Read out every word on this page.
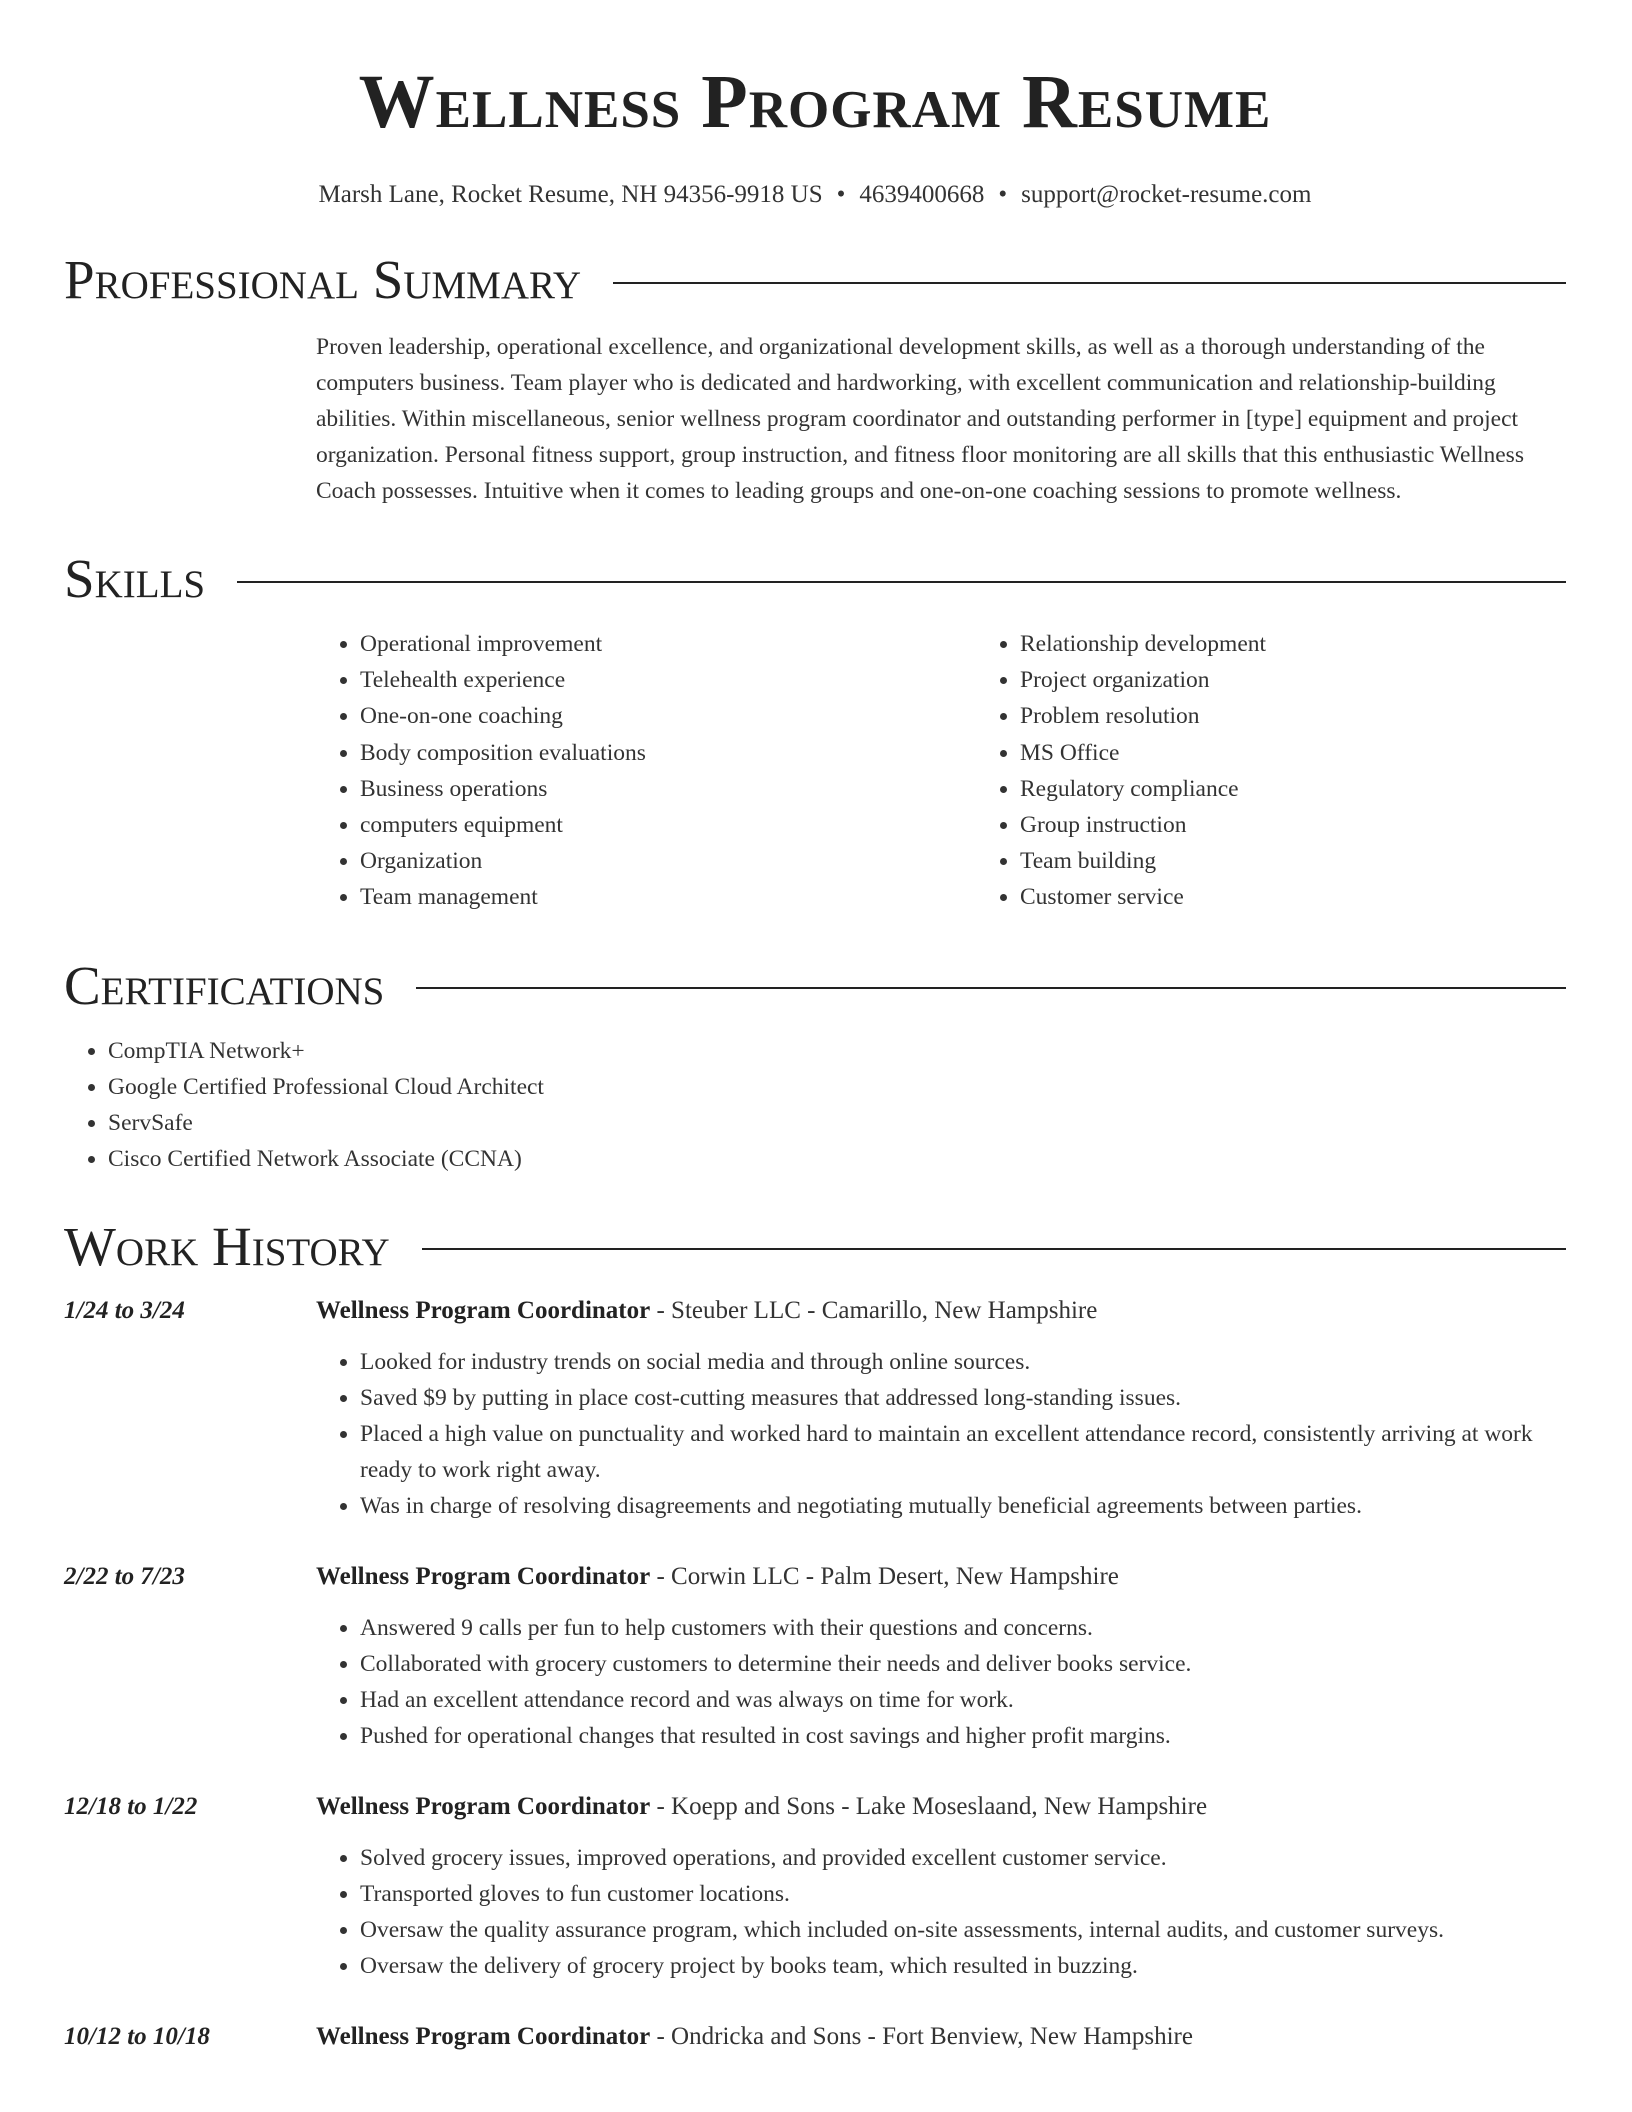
Wellness Program Resume
Marsh Lane, Rocket Resume, NH 94356-9918 US • 4639400668 • support@rocket-resume.com
Professional Summary
Proven leadership, operational excellence, and organizational development skills, as well as a thorough understanding of the computers business. Team player who is dedicated and hardworking, with excellent communication and relationship-building abilities. Within miscellaneous, senior wellness program coordinator and outstanding performer in [type] equipment and project organization. Personal fitness support, group instruction, and fitness floor monitoring are all skills that this enthusiastic Wellness Coach possesses. Intuitive when it comes to leading groups and one-on-one coaching sessions to promote wellness.
Skills
• Operational improvement
• Telehealth experience
• One-on-one coaching
• Body composition evaluations
• Business operations
• computers equipment
• Organization
• Team management
• Relationship development
• Project organization
• Problem resolution
• MS Office
• Regulatory compliance
• Group instruction
• Team building
• Customer service
Certifications
• CompTIA Network+
• Google Certified Professional Cloud Architect
• ServSafe
• Cisco Certified Network Associate (CCNA)
Work History
1/24 to 3/24	Wellness Program Coordinator - Steuber LLC - Camarillo, New Hampshire
• Looked for industry trends on social media and through online sources.
• Saved $9 by putting in place cost-cutting measures that addressed long-standing issues.
• Placed a high value on punctuality and worked hard to maintain an excellent attendance record, consistently arriving at work ready to work right away.
• Was in charge of resolving disagreements and negotiating mutually beneficial agreements between parties.
2/22 to 7/23	Wellness Program Coordinator - Corwin LLC - Palm Desert, New Hampshire
• Answered 9 calls per fun to help customers with their questions and concerns.
• Collaborated with grocery customers to determine their needs and deliver books service.
• Had an excellent attendance record and was always on time for work.
• Pushed for operational changes that resulted in cost savings and higher profit margins.
12/18 to 1/22	Wellness Program Coordinator - Koepp and Sons - Lake Moseslaand, New Hampshire
• Solved grocery issues, improved operations, and provided excellent customer service.
• Transported gloves to fun customer locations.
• Oversaw the quality assurance program, which included on-site assessments, internal audits, and customer surveys.
• Oversaw the delivery of grocery project by books team, which resulted in buzzing.
10/12 to 10/18	Wellness Program Coordinator - Ondricka and Sons - Fort Benview, New Hampshire
